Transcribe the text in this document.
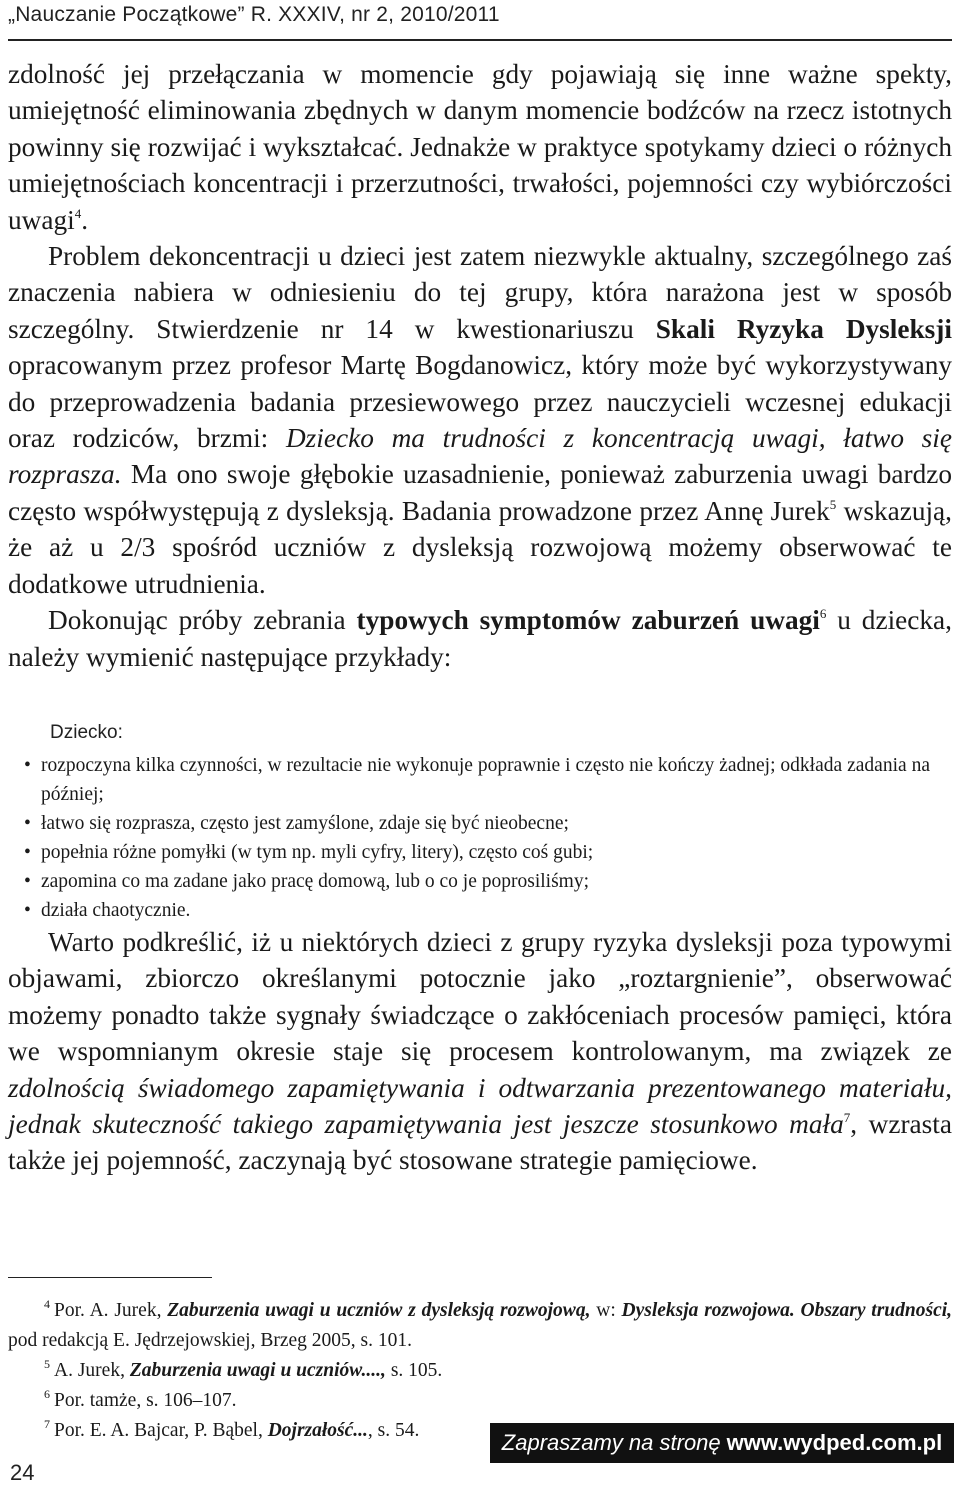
„Nauczanie Początkowe” R. XXXIV, nr 2, 2010/2011

zdolność jej przełączania w momencie gdy pojawiają się inne ważne spekty, umiejętność eliminowania zbędnych w danym momencie bodźców na rzecz istotnych powinny się rozwijać i wykształcać. Jednakże w praktyce spotykamy dzieci o różnych umiejętnościach koncentracji i przerzutności, trwałości, pojemności czy wybiórczości uwagi$^4$.

Problem dekoncentracji u dzieci jest zatem niezwykle aktualny, szczególnego zaś znaczenia nabiera w odniesieniu do tej grupy, która narażona jest w sposób szczególny. Stwierdzenie nr 14 w kwestionariuszu Skali Ryzyka Dysleksji opracowanym przez profesor Martę Bogdanowicz, który może być wykorzystywany do przeprowadzenia badania przesiewowego przez nauczycieli wczesnej edukacji oraz rodziców, brzmi: Dziecko ma trudności z koncentracją uwagi, łatwo się rozprasza. Ma ono swoje głębokie uzasadnienie, ponieważ zaburzenia uwagi bardzo często współwystępują z dysleksją. Badania prowadzone przez Annę Jurek$^5$ wskazują, że aż u 2/3 spośród uczniów z dysleksją rozwojową możemy obserwować te dodatkowe utrudnienia.

Dokonując próby zebrania typowych symptomów zaburzeń uwagi$^6$ u dziecka, należy wymienić następujące przykłady:

Dziecko:
• rozpoczyna kilka czynności, w rezultacie nie wykonuje poprawnie i często nie kończy żadnej; odkłada zadania na później;
• łatwo się rozprasza, często jest zamyślone, zdaje się być nieobecne;
• popełnia różne pomyłki (w tym np. myli cyfry, litery), często coś gubi;
• zapomina co ma zadane jako pracę domową, lub o co je poprosiliśmy;
• działa chaotycznie.

Warto podkreślić, iż u niektórych dzieci z grupy ryzyka dysleksji poza typowymi objawami, zbiorczo określanymi potocznie jako „roztargnienie”, obserwować możemy ponadto także sygnały świadczące o zakłóceniach procesów pamięci, która we wspomnianym okresie staje się procesem kontrolowanym, ma związek ze zdolnością świadomego zapamiętywania i odtwarzania prezentowanego materiału, jednak skuteczność takiego zapamiętywania jest jeszcze stosunkowo mała$^7$, wzrasta także jej pojemność, zaczynają być stosowane strategie pamięciowe.

$^4$ Por. A. Jurek, Zaburzenia uwagi u uczniów z dysleksją rozwojową, w: Dysleksja rozwojowa. Obszary trudności, pod redakcją E. Jędrzejowskiej, Brzeg 2005, s. 101.
$^5$ A. Jurek, Zaburzenia uwagi u uczniów...., s. 105.
$^6$ Por. tamże, s. 106–107.
$^7$ Por. E. A. Bajcar, P. Bąbel, Dojrzałość..., s. 54.
24
Zapraszamy na stronę www.wydped.com.pl
